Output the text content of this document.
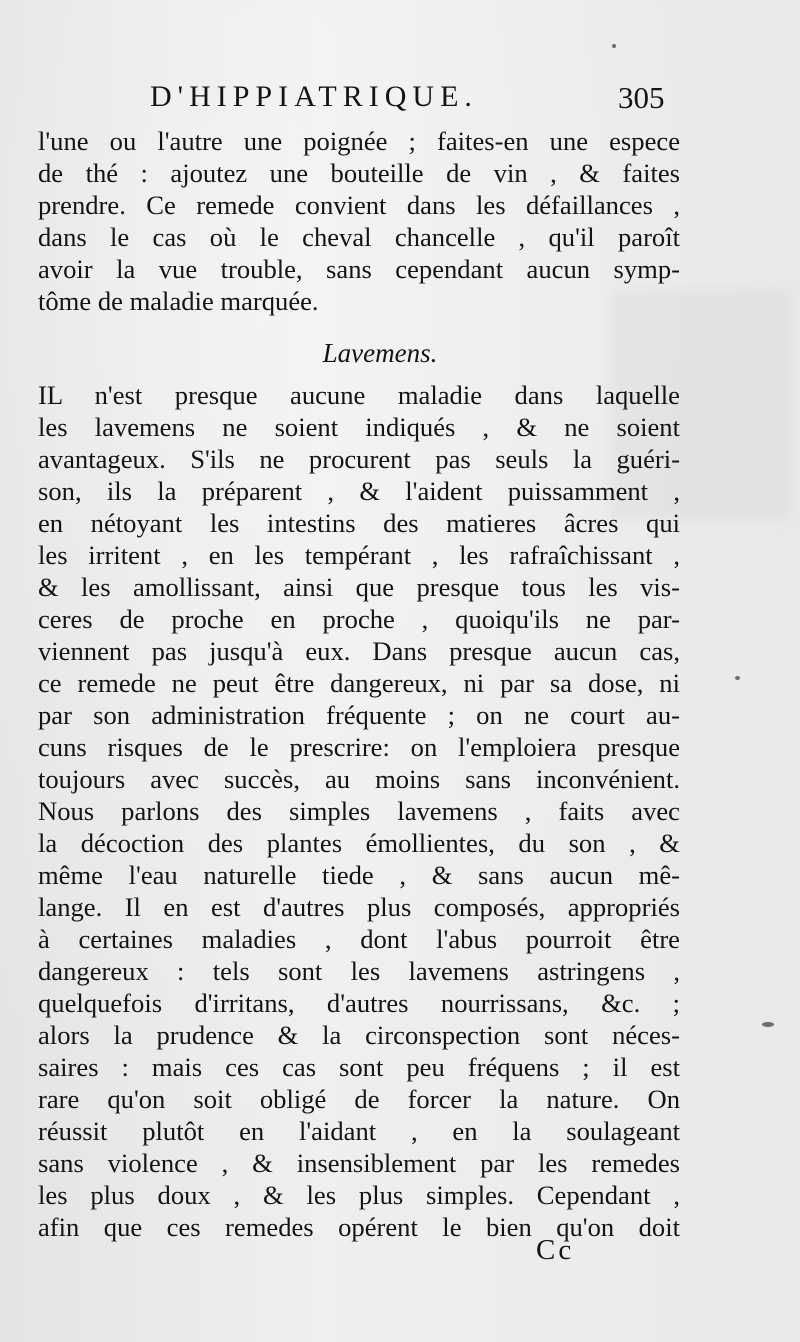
D'HIPPIATRIQUE.	305
l'une ou l'autre une poignée ; faites-en une espece
de thé : ajoutez une bouteille de vin , & faites
prendre. Ce remede convient dans les défaillances ,
dans le cas où le cheval chancelle , qu'il paroît
avoir la vue trouble, sans cependant aucun symp-
tôme de maladie marquée.
IL n'est presque aucune maladie dans laquelle
les lavemens ne soient indiqués , & ne soient
avantageux. S'ils ne procurent pas seuls la guéri-
son, ils la préparent , & l'aident puissamment ,
en nétoyant les intestins des matieres âcres qui
les irritent , en les tempérant , les rafraîchissant ,
& les amollissant, ainsi que presque tous les vis-
ceres de proche en proche , quoiqu'ils ne par-
viennent pas jusqu'à eux. Dans presque aucun cas,
ce remede ne peut être dangereux, ni par sa dose, ni
par son administration fréquente ; on ne court au-
cuns risques de le prescrire: on l'emploiera presque
toujours avec succès, au moins sans inconvénient.
Nous parlons des simples lavemens , faits avec
la décoction des plantes émollientes, du son , &
même l'eau naturelle tiede , & sans aucun mê-
lange. Il en est d'autres plus composés, appropriés
à certaines maladies , dont l'abus pourroit être
dangereux : tels sont les lavemens astringens ,
quelquefois d'irritans, d'autres nourrissans, &c. ;
alors la prudence & la circonspection sont néces-
saires : mais ces cas sont peu fréquens ; il est
rare qu'on soit obligé de forcer la nature. On
réussit plutôt en l'aidant , en la soulageant
sans violence , & insensiblement par les remedes
les plus doux , & les plus simples. Cependant ,
afin que ces remedes opérent le bien qu'on doit
Lavemens.
Cc
